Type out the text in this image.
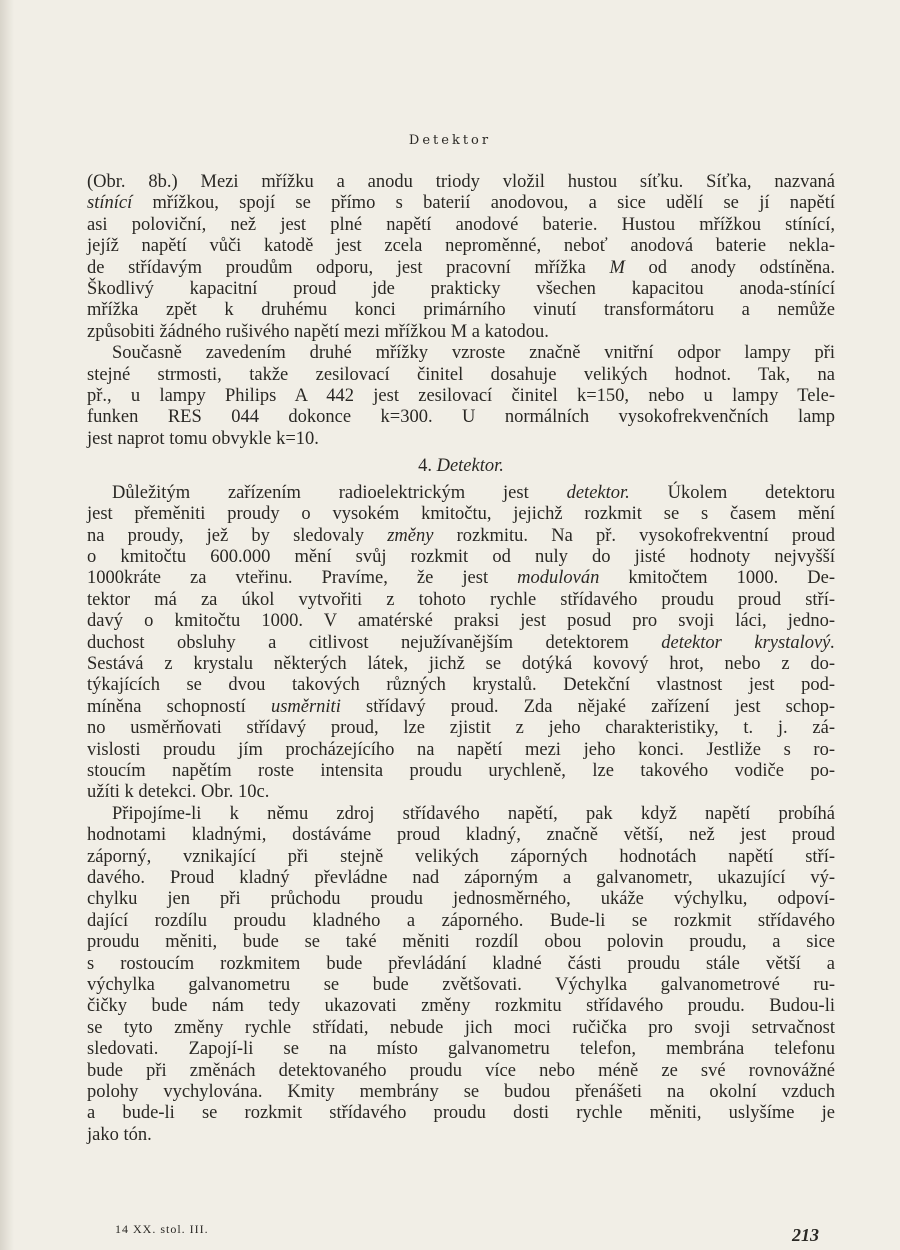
Detektor
(Obr. 8b.) Mezi mřížku a anodu triody vložil hustou síťku. Síťka, nazvaná
stínící mřížkou, spojí se přímo s baterií anodovou, a sice udělí se jí napětí
asi poloviční, než jest plné napětí anodové baterie. Hustou mřížkou stínící,
jejíž napětí vůči katodě jest zcela neproměnné, neboť anodová baterie nekla-
de střídavým proudům odporu, jest pracovní mřížka M od anody odstíněna.
Škodlivý kapacitní proud jde prakticky všechen kapacitou anoda-stínící
mřížka zpět k druhému konci primárního vinutí transformátoru a nemůže
způsobiti žádného rušivého napětí mezi mřížkou M a katodou.
Současně zavedením druhé mřížky vzroste značně vnitřní odpor lampy při
stejné strmosti, takže zesilovací činitel dosahuje velikých hodnot. Tak, na
př., u lampy Philips A 442 jest zesilovací činitel k=150, nebo u lampy Tele-
funken RES 044 dokonce k=300. U normálních vysokofrekvenčních lamp
jest naprot tomu obvykle k=10.
4. Detektor.
Důležitým zařízením radioelektrickým jest detektor. Úkolem detektoru
jest přeměniti proudy o vysokém kmitočtu, jejichž rozkmit se s časem mění
na proudy, jež by sledovaly změny rozkmitu. Na př. vysokofrekventní proud
o kmitočtu 600.000 mění svůj rozkmit od nuly do jisté hodnoty nejvyšší
1000kráte za vteřinu. Pravíme, že jest modulován kmitočtem 1000. De-
tektor má za úkol vytvořiti z tohoto rychle střídavého proudu proud stří-
davý o kmitočtu 1000. V amatérské praksi jest posud pro svoji láci, jedno-
duchost obsluhy a citlivost nejužívanějším detektorem detektor krystalový.
Sestává z krystalu některých látek, jichž se dotýká kovový hrot, nebo z do-
týkajících se dvou takových různých krystalů. Detekční vlastnost jest pod-
míněna schopností usměrniti střídavý proud. Zda nějaké zařízení jest schop-
no usměrňovati střídavý proud, lze zjistit z jeho charakteristiky, t. j. zá-
vislosti proudu jím procházejícího na napětí mezi jeho konci. Jestliže s ro-
stoucím napětím roste intensita proudu urychleně, lze takového vodiče po-
užíti k detekci. Obr. 10c.
Připojíme-li k němu zdroj střídavého napětí, pak když napětí probíhá
hodnotami kladnými, dostáváme proud kladný, značně větší, než jest proud
záporný, vznikající při stejně velikých záporných hodnotách napětí stří-
davého. Proud kladný převládne nad záporným a galvanometr, ukazující vý-
chylku jen při průchodu proudu jednosměrného, ukáže výchylku, odpoví-
dající rozdílu proudu kladného a záporného. Bude-li se rozkmit střídavého
proudu měniti, bude se také měniti rozdíl obou polovin proudu, a sice
s rostoucím rozkmitem bude převládání kladné části proudu stále větší a
výchylka galvanometru se bude zvětšovati. Výchylka galvanometrové ru-
čičky bude nám tedy ukazovati změny rozkmitu střídavého proudu. Budou-li
se tyto změny rychle střídati, nebude jich moci ručička pro svoji setrvačnost
sledovati. Zapojí-li se na místo galvanometru telefon, membrána telefonu
bude při změnách detektovaného proudu více nebo méně ze své rovnovážné
polohy vychylována. Kmity membrány se budou přenášeti na okolní vzduch
a bude-li se rozkmit střídavého proudu dosti rychle měniti, uslyšíme je
jako tón.
14 XX. stol. III.	213
